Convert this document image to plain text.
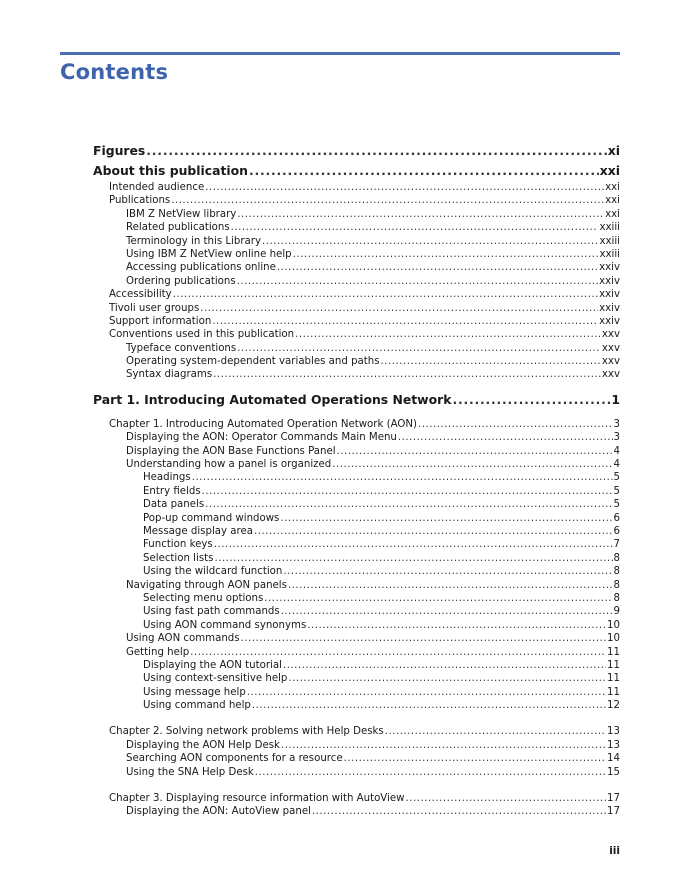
Contents
Figures .....	xi
About this publication .....	xxi
Intended audience .....	xxi
Publications .....	xxi
IBM Z NetView library .....	xxi
Related publications .....	xxiii
Terminology in this Library .....	xxiii
Using IBM Z NetView online help .....	xxiii
Accessing publications online .....	xxiv
Ordering publications .....	xxiv
Accessibility .....	xxiv
Tivoli user groups .....	xxiv
Support information .....	xxiv
Conventions used in this publication .....	xxv
Typeface conventions .....	xxv
Operating system-dependent variables and paths .....	xxv
Syntax diagrams .....	xxv
Part 1. Introducing Automated Operations Network .....	1
Chapter 1. Introducing Automated Operation Network (AON) .....	3
Displaying the AON: Operator Commands Main Menu .....	3
Displaying the AON Base Functions Panel .....	4
Understanding how a panel is organized .....	4
Headings .....	5
Entry fields .....	5
Data panels .....	5
Pop-up command windows .....	6
Message display area .....	6
Function keys .....	7
Selection lists .....	8
Using the wildcard function .....	8
Navigating through AON panels .....	8
Selecting menu options .....	8
Using fast path commands .....	9
Using AON command synonyms .....	10
Using AON commands .....	10
Getting help .....	11
Displaying the AON tutorial .....	11
Using context-sensitive help .....	11
Using message help .....	11
Using command help .....	12
Chapter 2. Solving network problems with Help Desks .....	13
Displaying the AON Help Desk .....	13
Searching AON components for a resource .....	14
Using the SNA Help Desk .....	15
Chapter 3. Displaying resource information with AutoView .....	17
Displaying the AON: AutoView panel .....	17
iii
